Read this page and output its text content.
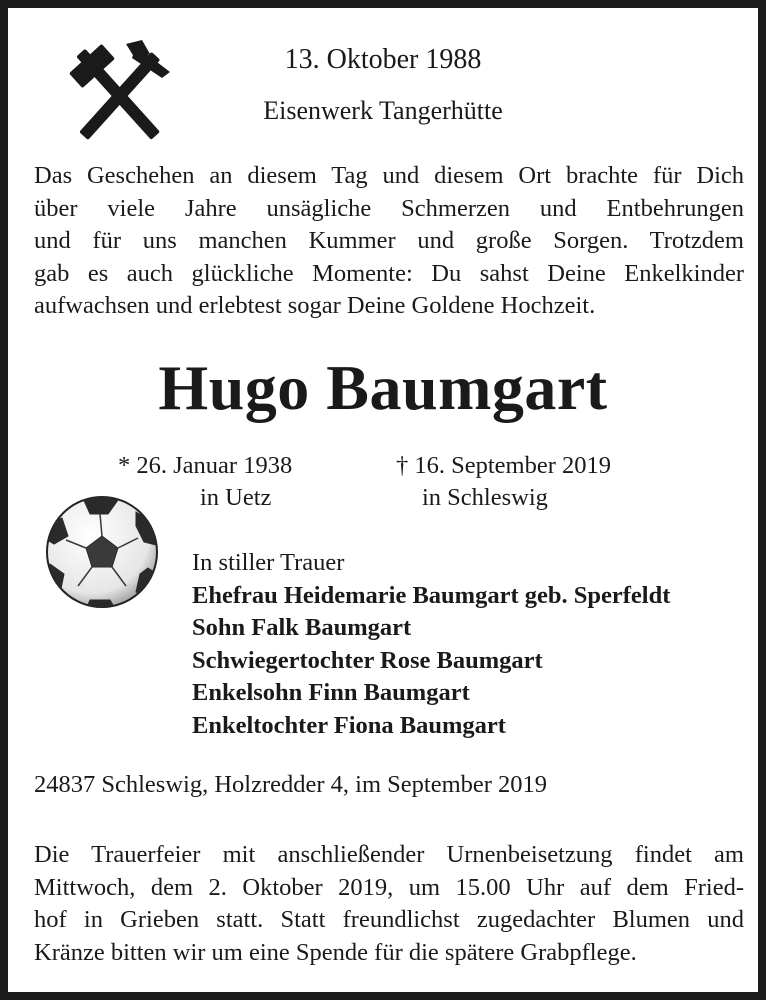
13. Oktober 1988
Eisenwerk Tangerhütte
Das Geschehen an diesem Tag und diesem Ort brachte für Dich
über viele Jahre unsägliche Schmerzen und Entbehrungen
und für uns manchen Kummer und große Sorgen. Trotzdem
gab es auch glückliche Momente: Du sahst Deine Enkelkinder
aufwachsen und erlebtest sogar Deine Goldene Hochzeit.
Hugo Baumgart
* 26. Januar 1938
in Uetz
† 16. September 2019
in Schleswig
In stiller Trauer
Ehefrau Heidemarie Baumgart geb. Sperfeldt
Sohn Falk Baumgart
Schwiegertochter Rose Baumgart
Enkelsohn Finn Baumgart
Enkeltochter Fiona Baumgart
24837 Schleswig, Holzredder 4, im September 2019
Die Trauerfeier mit anschließender Urnenbeisetzung findet am
Mittwoch, dem 2. Oktober 2019, um 15.00 Uhr auf dem Fried-
hof in Grieben statt. Statt freundlichst zugedachter Blumen und
Kränze bitten wir um eine Spende für die spätere Grabpflege.
